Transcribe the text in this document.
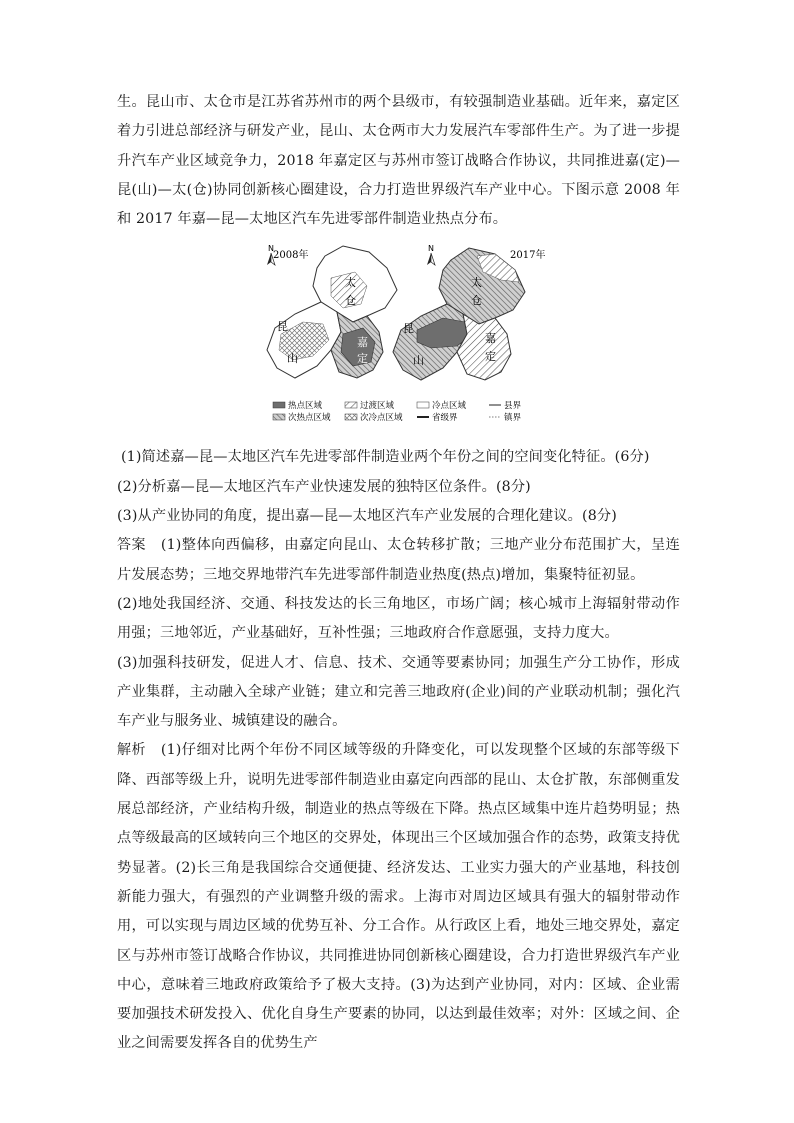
生。昆山市、太仓市是江苏省苏州市的两个县级市，有较强制造业基础。近年来，嘉定区着力引进总部经济与研发产业，昆山、太仓两市大力发展汽车零部件生产。为了进一步提升汽车产业区域竞争力，2018 年嘉定区与苏州市签订战略合作协议，共同推进嘉(定)—昆(山)—太(仓)协同创新核心圈建设，合力打造世界级汽车产业中心。下图示意 2008 年和 2017 年嘉—昆—太地区汽车先进零部件制造业热点分布。

2008年
N
太
仓
昆
山
嘉
定
2017年
N
太
仓
昆
山
嘉
定
热点区域	过渡区域	冷点区域	县界
次热点区域	次冷点区域	省级界	镇界

(1)简述嘉—昆—太地区汽车先进零部件制造业两个年份之间的空间变化特征。(6分)

(2)分析嘉—昆—太地区汽车产业快速发展的独特区位条件。(8分)

(3)从产业协同的角度，提出嘉—昆—太地区汽车产业发展的合理化建议。(8分)

答案 (1)整体向西偏移，由嘉定向昆山、太仓转移扩散；三地产业分布范围扩大，呈连片发展态势；三地交界地带汽车先进零部件制造业热度(热点)增加，集聚特征初显。

(2)地处我国经济、交通、科技发达的长三角地区，市场广阔；核心城市上海辐射带动作用强；三地邻近，产业基础好，互补性强；三地政府合作意愿强，支持力度大。

(3)加强科技研发，促进人才、信息、技术、交通等要素协同；加强生产分工协作，形成产业集群，主动融入全球产业链；建立和完善三地政府(企业)间的产业联动机制；强化汽车产业与服务业、城镇建设的融合。

解析 (1)仔细对比两个年份不同区域等级的升降变化，可以发现整个区域的东部等级下降、西部等级上升，说明先进零部件制造业由嘉定向西部的昆山、太仓扩散，东部侧重发展总部经济，产业结构升级，制造业的热点等级在下降。热点区域集中连片趋势明显；热点等级最高的区域转向三个地区的交界处，体现出三个区域加强合作的态势，政策支持优势显著。(2)长三角是我国综合交通便捷、经济发达、工业实力强大的产业基地，科技创新能力强大，有强烈的产业调整升级的需求。上海市对周边区域具有强大的辐射带动作用，可以实现与周边区域的优势互补、分工合作。从行政区上看，地处三地交界处，嘉定区与苏州市签订战略合作协议，共同推进协同创新核心圈建设，合力打造世界级汽车产业中心，意味着三地政府政策给予了极大支持。(3)为达到产业协同，对内：区域、企业需要加强技术研发投入、优化自身生产要素的协同，以达到最佳效率；对外：区域之间、企业之间需要发挥各自的优势生产
